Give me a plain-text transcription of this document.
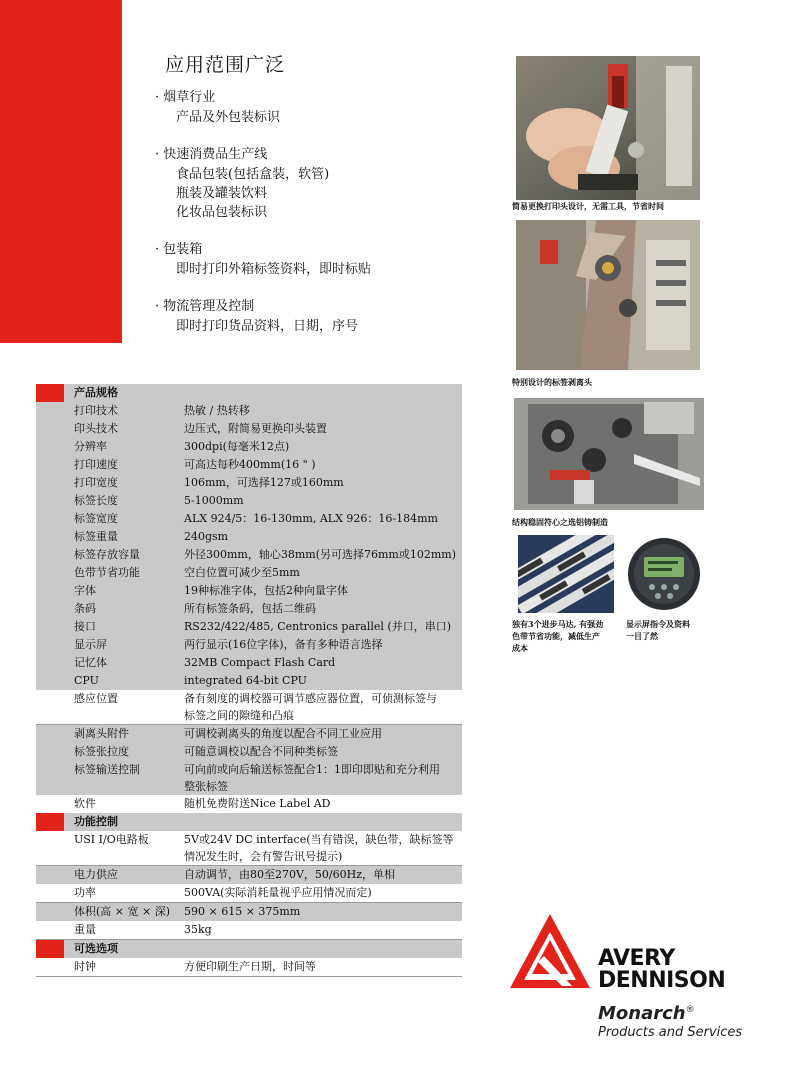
应用范围广泛
· 烟草行业
产品及外包装标识
· 快速消费品生产线
食品包装(包括盒装，软管)
瓶装及罐装饮料
化妆品包装标识
· 包装箱
即时打印外箱标签资料，即时标贴
· 物流管理及控制
即时打印货品资料，日期，序号
	产品规格	
	打印技术	热敏 / 热转移
	印头技术	边压式，附简易更换印头装置
	分辨率	300dpi(每毫米12点)
	打印速度	可高达每秒400mm(16 " )
	打印宽度	106mm，可选择127或160mm
	标签长度	5-1000mm
	标签宽度	ALX 924/5：16-130mm, ALX 926：16-184mm
	标签重量	240gsm
	标签存放容量	外径300mm，轴心38mm(另可选择76mm或102mm)
	色带节省功能	空白位置可减少至5mm
	字体	19种标准字体，包括2种向量字体
	条码	所有标签条码，包括二维码
	接口	RS232/422/485, Centronics parallel (并口，串口)
	显示屏	两行显示(16位字体)，备有多种语言选择
	记忆体	32MB Compact Flash Card
	CPU	integrated 64-bit CPU
	感应位置	备有刻度的调校器可调节感应器位置，可侦测标签与
标签之间的隙缝和凸痕
	剥离头附件	可调校剥离头的角度以配合不同工业应用
	标签张拉度	可随意调校以配合不同种类标签
	标签输送控制	可向前或向后输送标签配合1：1即印即贴和充分利用
整张标签
	软件	随机免费附送Nice Label AD
	功能控制	
	USI I/O电路板	5V或24V DC interface(当有错误，缺色带，缺标签等
情况发生时，会有警告讯号提示)
	电力供应	自动调节，由80至270V，50/60Hz，单相
	功率	500VA(实际消耗量视乎应用情况而定)
	体积(高 × 宽 × 深)	590 × 615 × 375mm
	重量	35kg
	可选选项	
	时钟	方便印刷生产日期，时间等
简易更换打印头设计，无需工具，节省时间
特别设计的标签剥离头
结构稳固符心之选铝铸制造
独有3个进步马达, 有强劲
色带节省功能，减低生产
成本
显示屏指令及资料
一目了然
AVERY
DENNISON
Monarch®
Products and Services
